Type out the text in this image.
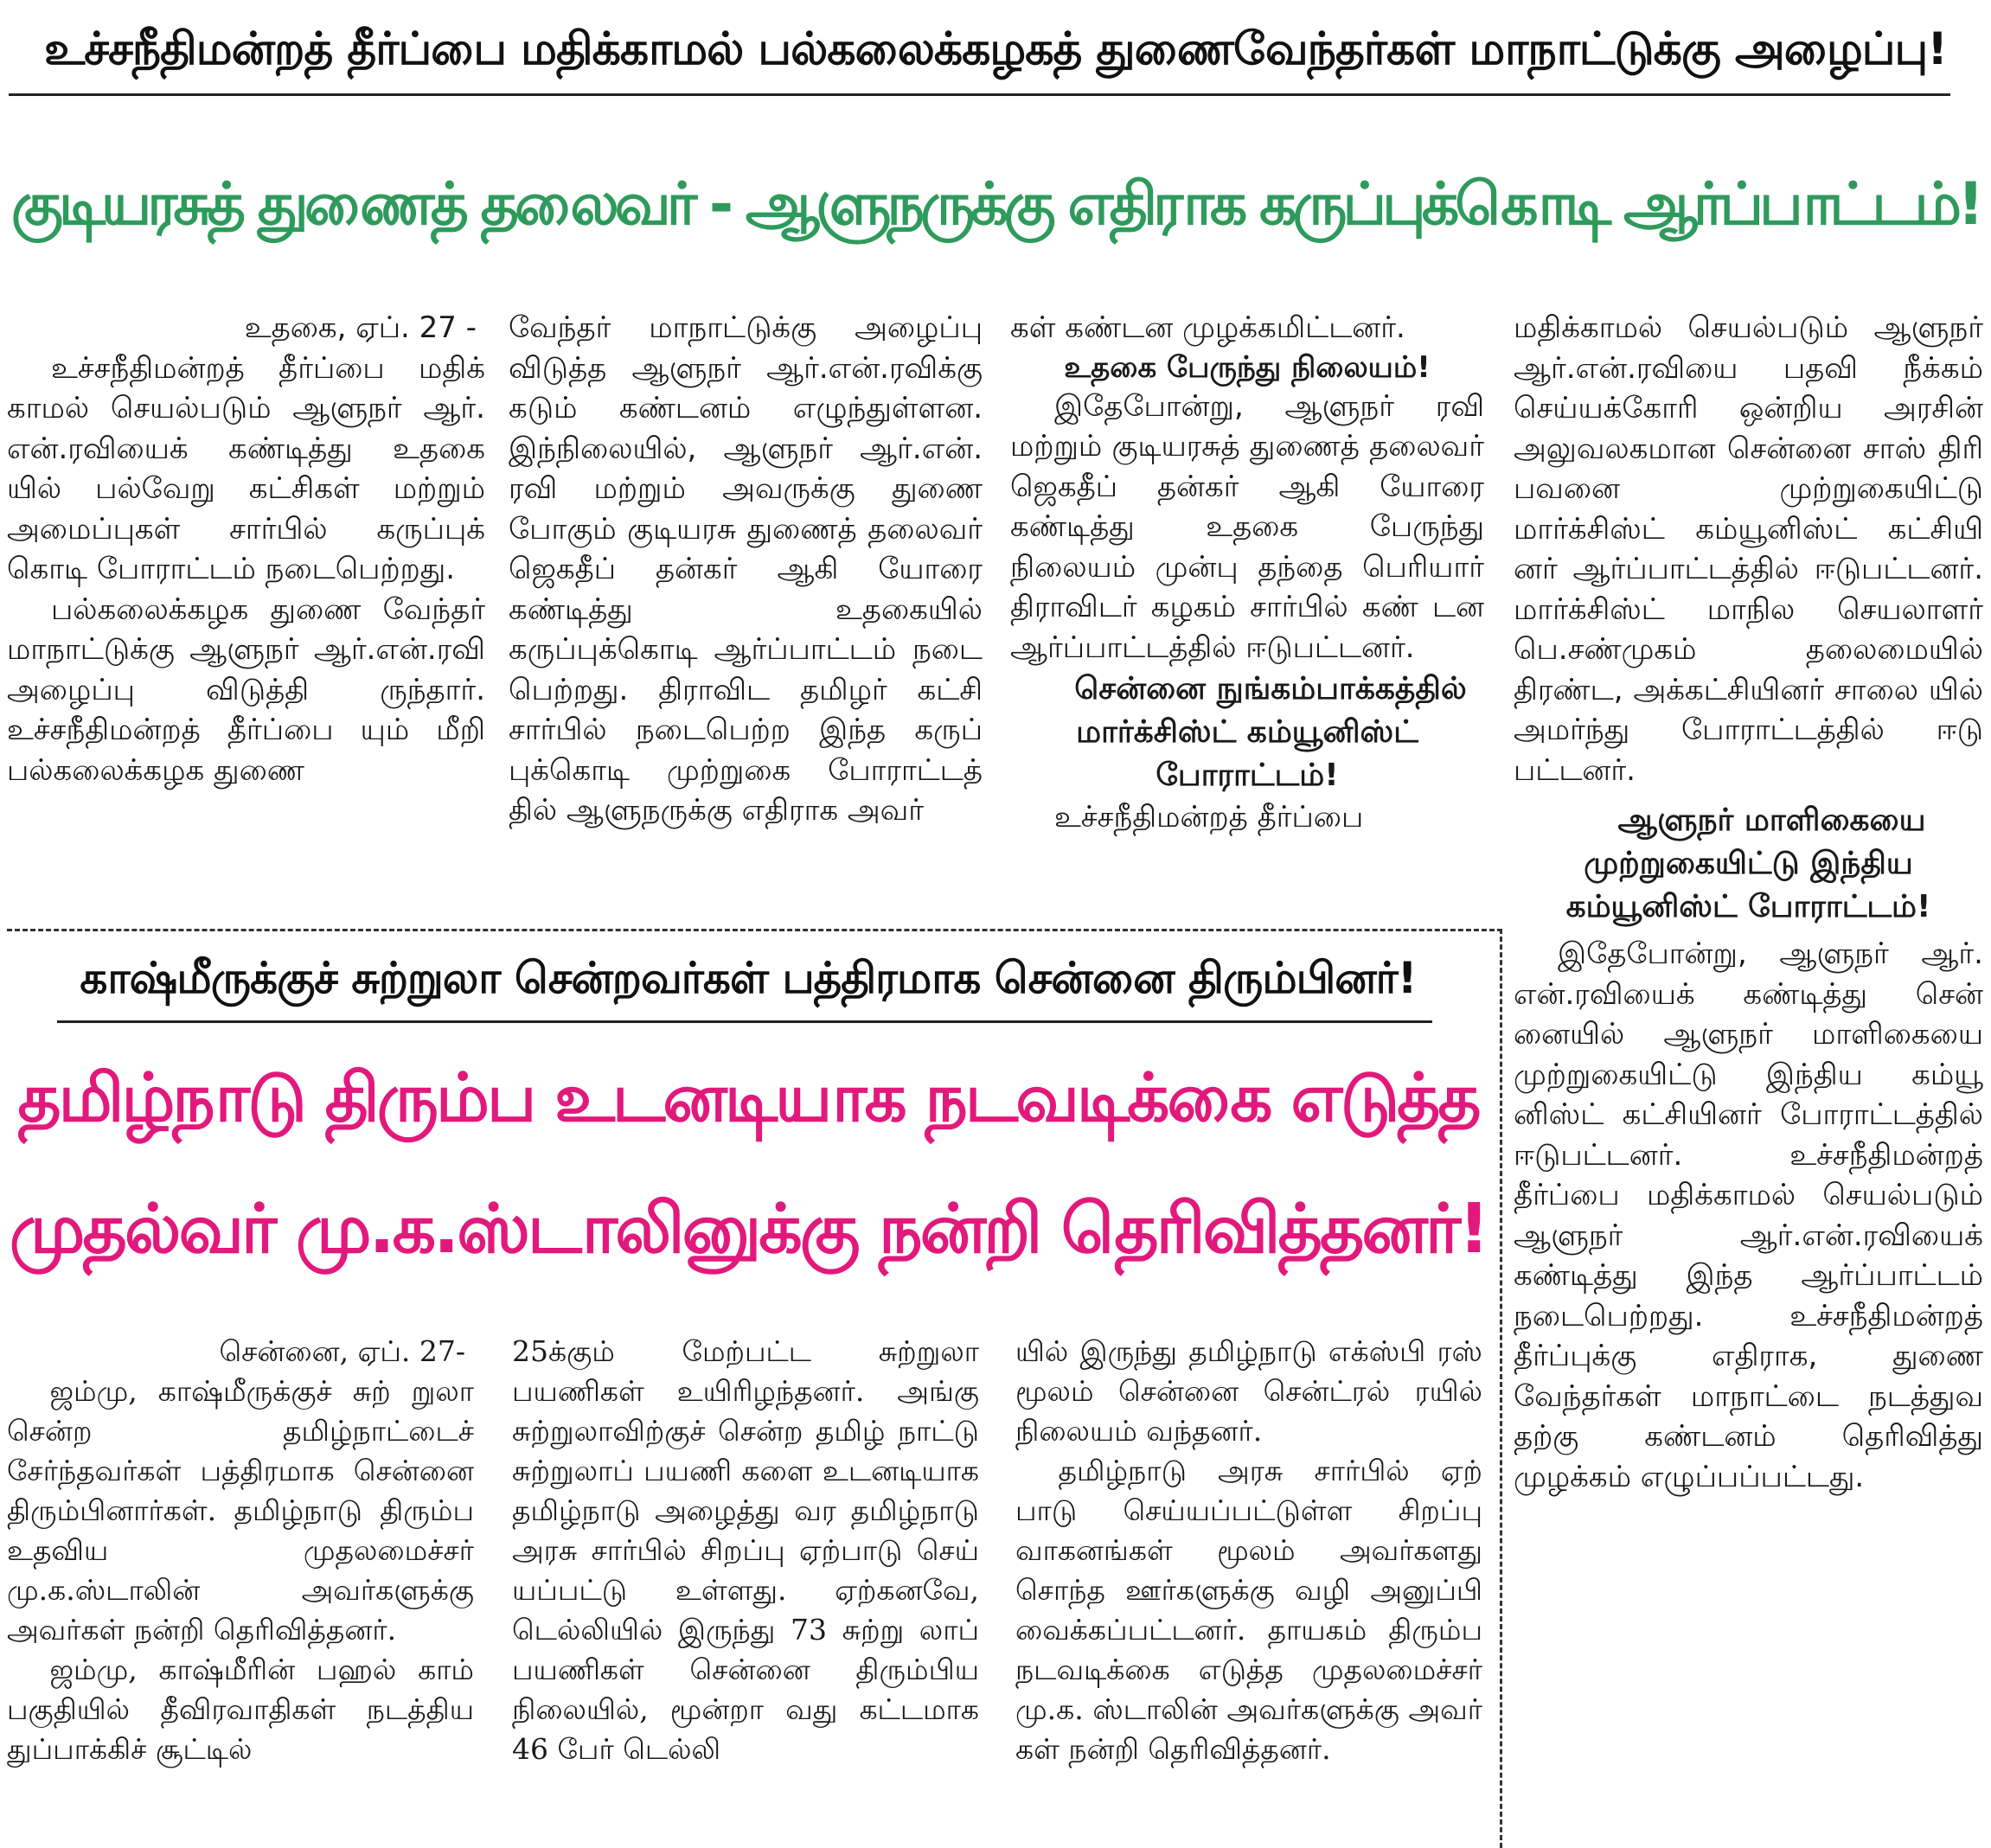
உச்சநீதிமன்றத் தீர்ப்பை மதிக்காமல் பல்கலைக்கழகத் துணைவேந்தர்கள் மாநாட்டுக்கு அழைப்பு!
குடியரசுத் துணைத் தலைவர் - ஆளுநருக்கு எதிராக கருப்புக்கொடி ஆர்ப்பாட்டம்!

உதகை, ஏப். 27 -

உச்சநீதிமன்றத் தீர்ப்பை மதிக் காமல் செயல்படும் ஆளுநர் ஆர். என்.ரவியைக் கண்டித்து உதகை யில் பல்வேறு கட்சிகள் மற்றும் அமைப்புகள் சார்பில் கருப்புக் கொடி போராட்டம் நடைபெற்றது.

பல்கலைக்கழக துணை வேந்தர் மாநாட்டுக்கு ஆளுநர் ஆர்.என்.ரவி அழைப்பு விடுத்தி ருந்தார். உச்சநீதிமன்றத் தீர்ப்பை யும் மீறி பல்கலைக்கழக துணை

வேந்தர் மாநாட்டுக்கு அழைப்பு விடுத்த ஆளுநர் ஆர்.என்.ரவிக்கு கடும் கண்டனம் எழுந்துள்ளன. இந்நிலையில், ஆளுநர் ஆர்.என். ரவி மற்றும் அவருக்கு துணை போகும் குடியரசு துணைத் தலைவர் ஜெகதீப் தன்கர் ஆகி யோரை கண்டித்து உதகையில் கருப்புக்கொடி ஆர்ப்பாட்டம் நடை பெற்றது. திராவிட தமிழர் கட்சி சார்பில் நடைபெற்ற இந்த கருப் புக்கொடி முற்றுகை போராட்டத் தில் ஆளுநருக்கு எதிராக அவர்

கள் கண்டன முழக்கமிட்டனர்.

உதகை பேருந்து நிலையம்!

இதேபோன்று, ஆளுநர் ரவி மற்றும் குடியரசுத் துணைத் தலைவர் ஜெகதீப் தன்கர் ஆகி யோரை கண்டித்து உதகை பேருந்து நிலையம் முன்பு தந்தை பெரியார் திராவிடர் கழகம் சார்பில் கண் டன ஆர்ப்பாட்டத்தில் ஈடுபட்டனர்.

சென்னை நுங்கம்பாக்கத்தில் மார்க்சிஸ்ட் கம்யூனிஸ்ட் போராட்டம்!

உச்சநீதிமன்றத் தீர்ப்பை

மதிக்காமல் செயல்படும் ஆளுநர் ஆர்.என்.ரவியை பதவி நீக்கம் செய்யக்கோரி ஒன்றிய அரசின் அலுவலகமான சென்னை சாஸ் திரி பவனை முற்றுகையிட்டு மார்க்சிஸ்ட் கம்யூனிஸ்ட் கட்சியி னர் ஆர்ப்பாட்டத்தில் ஈடுபட்டனர். மார்க்சிஸ்ட் மாநில செயலாளர் பெ.சண்முகம் தலைமையில் திரண்ட, அக்கட்சியினர் சாலை யில் அமர்ந்து போராட்டத்தில் ஈடு பட்டனர்.

ஆளுநர் மாளிகையை முற்றுகையிட்டு இந்திய கம்யூனிஸ்ட் போராட்டம்!

இதேபோன்று, ஆளுநர் ஆர். என்.ரவியைக் கண்டித்து சென் னையில் ஆளுநர் மாளிகையை முற்றுகையிட்டு இந்திய கம்யூ னிஸ்ட் கட்சியினர் போராட்டத்தில் ஈடுபட்டனர். உச்சநீதிமன்றத் தீர்ப்பை மதிக்காமல் செயல்படும் ஆளுநர் ஆர்.என்.ரவியைக் கண்டித்து இந்த ஆர்ப்பாட்டம் நடைபெற்றது. உச்சநீதிமன்றத் தீர்ப்புக்கு எதிராக, துணை வேந்தர்கள் மாநாட்டை நடத்துவ தற்கு கண்டனம் தெரிவித்து முழக்கம் எழுப்பப்பட்டது.

காஷ்மீருக்குச் சுற்றுலா சென்றவர்கள் பத்திரமாக சென்னை திரும்பினர்!
தமிழ்நாடு திரும்ப உடனடியாக நடவடிக்கை எடுத்த
முதல்வர் மு.க.ஸ்டாலினுக்கு நன்றி தெரிவித்தனர்!

சென்னை, ஏப். 27-

ஜம்மு, காஷ்மீருக்குச் சுற் றுலா சென்ற தமிழ்நாட்டைச் சேர்ந்தவர்கள் பத்திரமாக சென்னை திரும்பினார்கள். தமிழ்நாடு திரும்ப உதவிய முதலமைச்சர் மு.க.ஸ்டாலின் அவர்களுக்கு அவர்கள் நன்றி தெரிவித்தனர்.

ஜம்மு, காஷ்மீரின் பஹல் காம் பகுதியில் தீவிரவாதிகள் நடத்திய துப்பாக்கிச் சூட்டில்

25க்கும் மேற்பட்ட சுற்றுலா பயணிகள் உயிரிழந்தனர். அங்கு சுற்றுலாவிற்குச் சென்ற தமிழ் நாட்டு சுற்றுலாப் பயணி களை உடனடியாக தமிழ்நாடு அழைத்து வர தமிழ்நாடு அரசு சார்பில் சிறப்பு ஏற்பாடு செய் யப்பட்டு உள்ளது. ஏற்கனவே, டெல்லியில் இருந்து 73 சுற்று லாப் பயணிகள் சென்னை திரும்பிய நிலையில், மூன்றா வது கட்டமாக 46 பேர் டெல்லி

யில் இருந்து தமிழ்நாடு எக்ஸ்பி ரஸ் மூலம் சென்னை சென்ட்ரல் ரயில் நிலையம் வந்தனர்.

தமிழ்நாடு அரசு சார்பில் ஏற் பாடு செய்யப்பட்டுள்ள சிறப்பு வாகனங்கள் மூலம் அவர்களது சொந்த ஊர்களுக்கு வழி அனுப்பி வைக்கப்பட்டனர். தாயகம் திரும்ப நடவடிக்கை எடுத்த முதலமைச்சர் மு.க. ஸ்டாலின் அவர்களுக்கு அவர் கள் நன்றி தெரிவித்தனர்.
